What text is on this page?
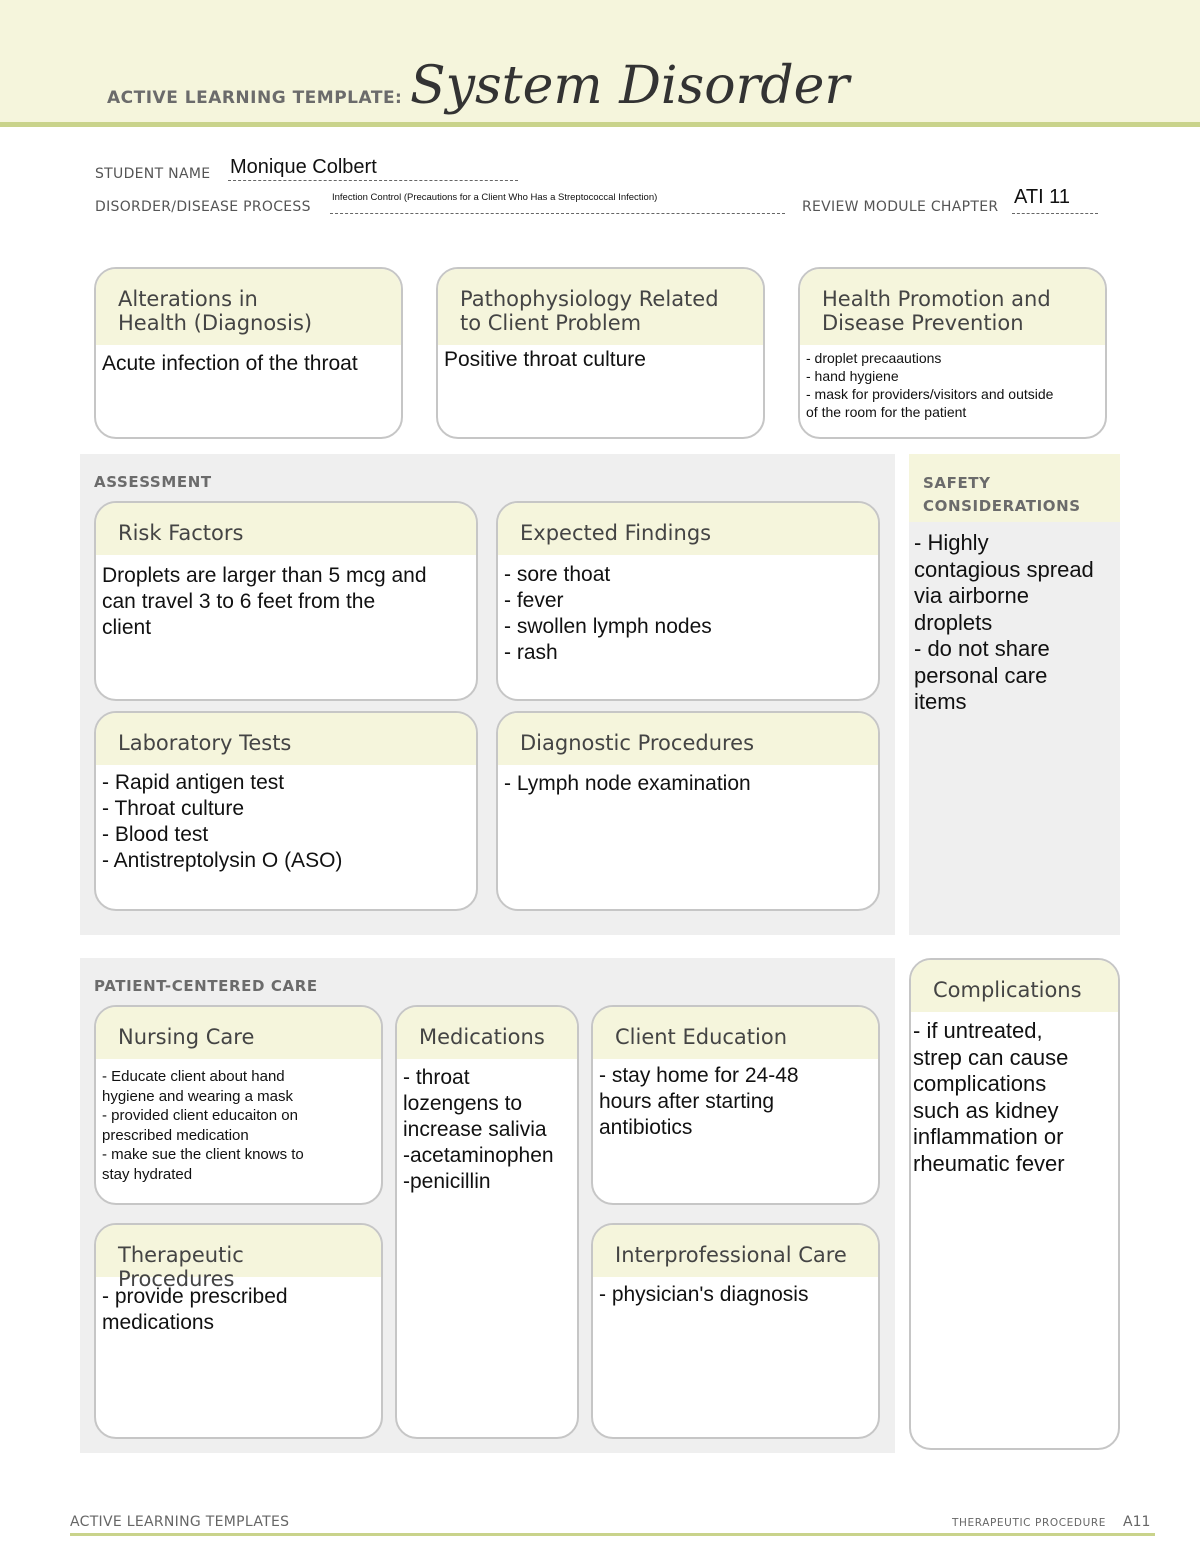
ACTIVE LEARNING TEMPLATE: System Disorder
STUDENT NAME Monique Colbert
DISORDER/DISEASE PROCESS
Infection Control (Precautions for a Client Who Has a Streptococcal Infection)
REVIEW MODULE CHAPTER ATI 11
Alterations in
Health (Diagnosis)
Acute infection of the throat
Pathophysiology Related
to Client Problem
Positive throat culture
Health Promotion and
Disease Prevention
- droplet precaautions
- hand hygiene
- mask for providers/visitors and outside
of the room for the patient
ASSESSMENT
Risk Factors
Droplets are larger than 5 mcg and
can travel 3 to 6 feet from the
client
Expected Findings
- sore thoat
- fever
- swollen lymph nodes
- rash
Laboratory Tests
- Rapid antigen test
- Throat culture
- Blood test
- Antistreptolysin O (ASO)
Diagnostic Procedures
- Lymph node examination
SAFETY
CONSIDERATIONS
- Highly
contagious spread
via airborne
droplets
- do not share
personal care
items
PATIENT-CENTERED CARE
Nursing Care
- Educate client about hand
hygiene and wearing a mask
- provided client educaiton on
prescribed medication
- make sue the client knows to
stay hydrated
Medications
- throat
lozengens to
increase salivia
-acetaminophen
-penicillin
Client Education
- stay home for 24-48
hours after starting
antibiotics
Therapeutic Procedures
- provide prescribed
medications
Interprofessional Care
- physician's diagnosis
Complications
- if untreated,
strep can cause
complications
such as kidney
inflammation or
rheumatic fever
ACTIVE LEARNING TEMPLATES	THERAPEUTIC PROCEDURE A11
